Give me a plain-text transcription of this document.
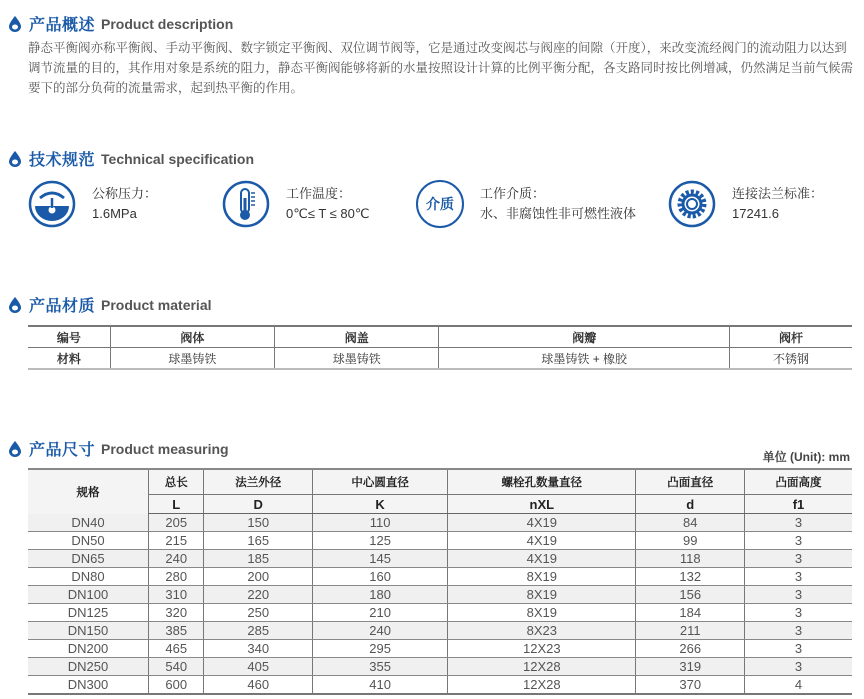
产品概述 Product description
静态平衡阀亦称平衡阀、手动平衡阀、数字锁定平衡阀、双位调节阀等，它是通过改变阀芯与阀座的间隙（开度），来改变流经阀门的流动阻力以达到调节流量的目的，其作用对象是系统的阻力，静态平衡阀能够将新的水量按照设计计算的比例平衡分配，各支路同时按比例增减，仍然满足当前气候需要下的部分负荷的流量需求，起到热平衡的作用。
技术规范 Technical specification
公称压力：
1.6MPa
工作温度：
0℃≤ T ≤ 80℃
介质
工作介质：
水、非腐蚀性非可燃性液体
连接法兰标准：
17241.6
产品材质 Product material
编号	阀体	阀盖	阀瓣	阀杆
材料	球墨铸铁	球墨铸铁	球墨铸铁 + 橡胶	不锈钢
产品尺寸 Product measuring
单位 (Unit): mm
规格	总长	法兰外径	中心圆直径	螺栓孔数量直径	凸面直径	凸面高度
	L	D	K	nXL	d	f1
DN40	205	150	110	4X19	84	3
DN50	215	165	125	4X19	99	3
DN65	240	185	145	4X19	118	3
DN80	280	200	160	8X19	132	3
DN100	310	220	180	8X19	156	3
DN125	320	250	210	8X19	184	3
DN150	385	285	240	8X23	211	3
DN200	465	340	295	12X23	266	3
DN250	540	405	355	12X28	319	3
DN300	600	460	410	12X28	370	4
